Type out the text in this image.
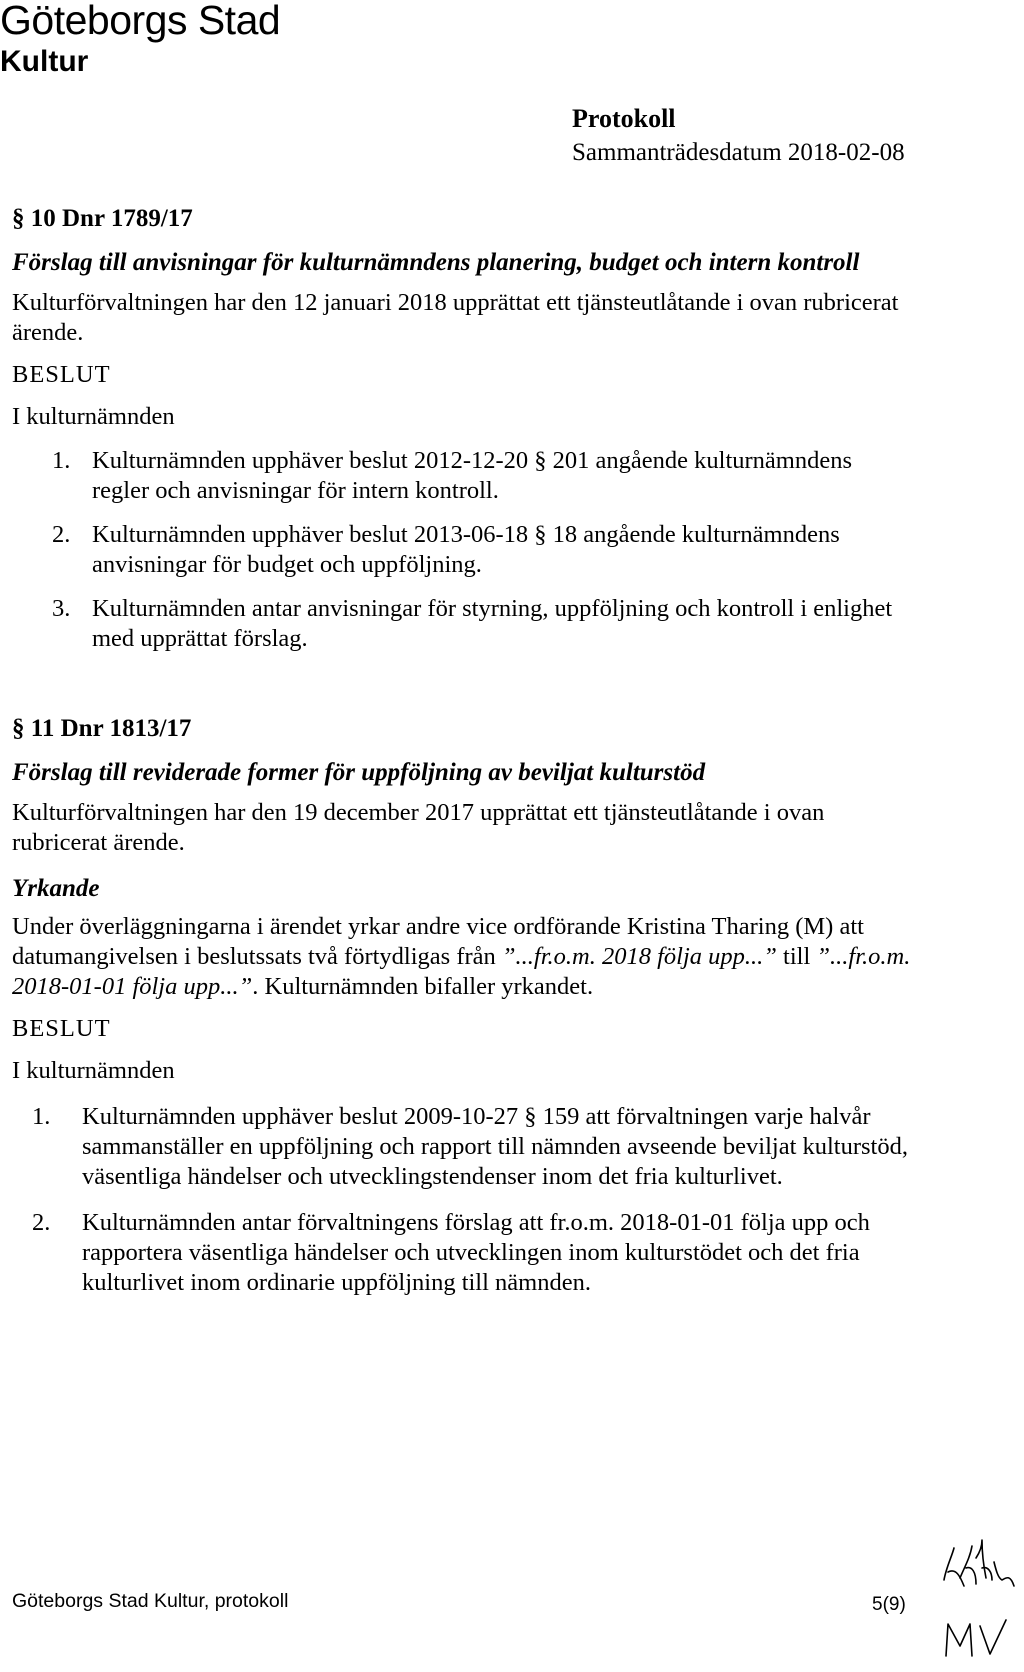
Göteborgs Stad
Kultur
Protokoll
Sammanträdesdatum 2018-02-08
§ 10 Dnr 1789/17
Förslag till anvisningar för kulturnämndens planering, budget och intern kontroll
Kulturförvaltningen har den 12 januari 2018 upprättat ett tjänsteutlåtande i ovan rubricerat ärende.
BESLUT
I kulturnämnden
1. Kulturnämnden upphäver beslut 2012-12-20 § 201 angående kulturnämndens regler och anvisningar för intern kontroll.
2. Kulturnämnden upphäver beslut 2013-06-18 § 18 angående kulturnämndens anvisningar för budget och uppföljning.
3. Kulturnämnden antar anvisningar för styrning, uppföljning och kontroll i enlighet med upprättat förslag.
§ 11 Dnr 1813/17
Förslag till reviderade former för uppföljning av beviljat kulturstöd
Kulturförvaltningen har den 19 december 2017 upprättat ett tjänsteutlåtande i ovan rubricerat ärende.
Yrkande
Under överläggningarna i ärendet yrkar andre vice ordförande Kristina Tharing (M) att datumangivelsen i beslutssats två förtydligas från ”...fr.o.m. 2018 följa upp...” till ”...fr.o.m. 2018-01-01 följa upp...”. Kulturnämnden bifaller yrkandet.
BESLUT
I kulturnämnden
1. Kulturnämnden upphäver beslut 2009-10-27 § 159 att förvaltningen varje halvår sammanställer en uppföljning och rapport till nämnden avseende beviljat kulturstöd, väsentliga händelser och utvecklingstendenser inom det fria kulturlivet.
2. Kulturnämnden antar förvaltningens förslag att fr.o.m. 2018-01-01 följa upp och rapportera väsentliga händelser och utvecklingen inom kulturstödet och det fria kulturlivet inom ordinarie uppföljning till nämnden.
Göteborgs Stad Kultur, protokoll	5(9)
